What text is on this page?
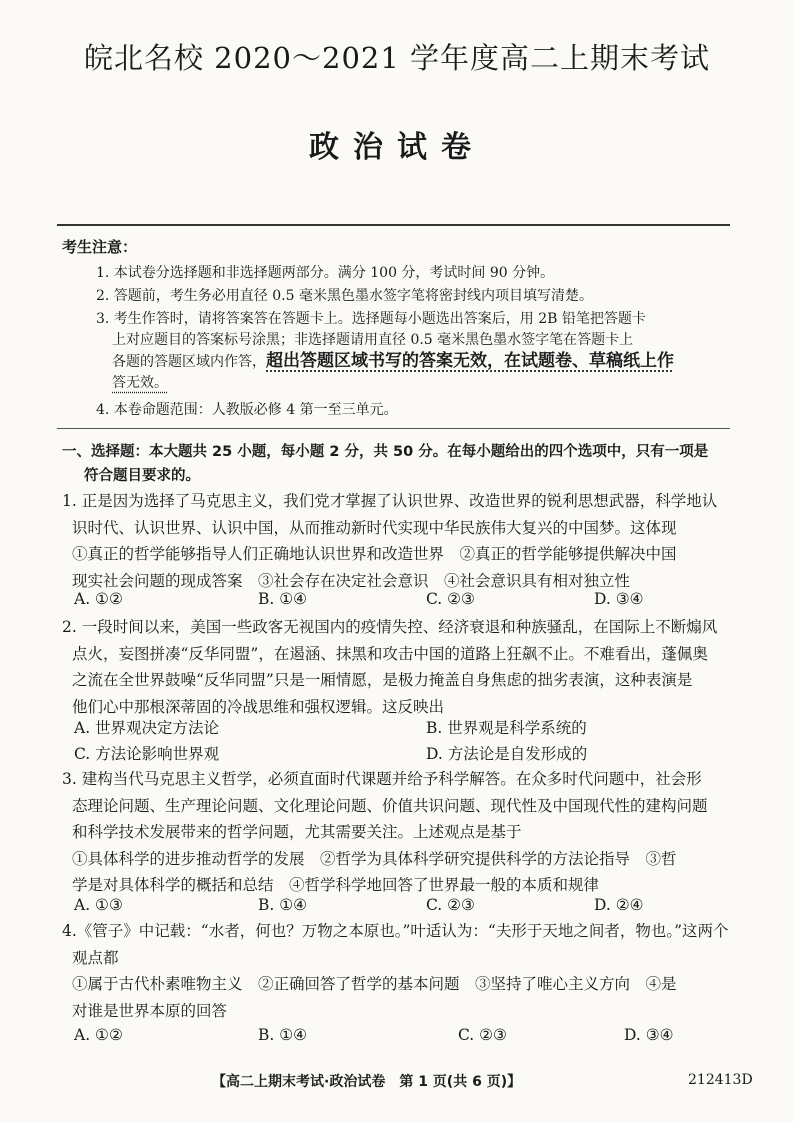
皖北名校 2020～2021 学年度高二上期末考试
政治试卷
考生注意：
1. 本试卷分选择题和非选择题两部分。满分 100 分，考试时间 90 分钟。
2. 答题前，考生务必用直径 0.5 毫米黑色墨水签字笔将密封线内项目填写清楚。
3. 考生作答时，请将答案答在答题卡上。选择题每小题选出答案后，用 2B 铅笔把答题卡
上对应题目的答案标号涂黑；非选择题请用直径 0.5 毫米黑色墨水签字笔在答题卡上
各题的答题区域内作答，超出答题区域书写的答案无效，在试题卷、草稿纸上作
答无效。
4. 本卷命题范围：人教版必修 4 第一至三单元。
一、选择题：本大题共 25 小题，每小题 2 分，共 50 分。在每小题给出的四个选项中，只有一项是
符合题目要求的。

1. 正是因为选择了马克思主义，我们党才掌握了认识世界、改造世界的锐利思想武器，科学地认

识时代、认识世界、认识中国，从而推动新时代实现中华民族伟大复兴的中国梦。这体现

①真正的哲学能够指导人们正确地认识世界和改造世界　②真正的哲学能够提供解决中国

现实社会问题的现成答案　③社会存在决定社会意识　④社会意识具有相对独立性

A. ①②	B. ①④	C. ②③	D. ③④

2. 一段时间以来，美国一些政客无视国内的疫情失控、经济衰退和种族骚乱，在国际上不断煽风

点火，妄图拼凑“反华同盟”，在遏涵、抹黑和攻击中国的道路上狂飙不止。不难看出，蓬佩奥

之流在全世界鼓噪“反华同盟”只是一厢情愿，是极力掩盖自身焦虑的拙劣表演，这种表演是

他们心中那根深蒂固的冷战思维和强权逻辑。这反映出

A. 世界观决定方法论	B. 世界观是科学系统的
C. 方法论影响世界观	D. 方法论是自发形成的

3. 建构当代马克思主义哲学，必须直面时代课题并给予科学解答。在众多时代问题中，社会形

态理论问题、生产理论问题、文化理论问题、价值共识问题、现代性及中国现代性的建构问题

和科学技术发展带来的哲学问题，尤其需要关注。上述观点是基于

①具体科学的进步推动哲学的发展　②哲学为具体科学研究提供科学的方法论指导　③哲

学是对具体科学的概括和总结　④哲学科学地回答了世界最一般的本质和规律

A. ①③	B. ①④	C. ②③	D. ②④

4.《管子》中记载：“水者，何也？万物之本原也。”叶适认为：“夫形于天地之间者，物也。”这两个

观点都

①属于古代朴素唯物主义　②正确回答了哲学的基本问题　③坚持了唯心主义方向　④是

对谁是世界本原的回答

A. ①②	B. ①④	C. ②③	D. ③④
【高二上期末考试·政治试卷　第 1 页(共 6 页)】	212413D
